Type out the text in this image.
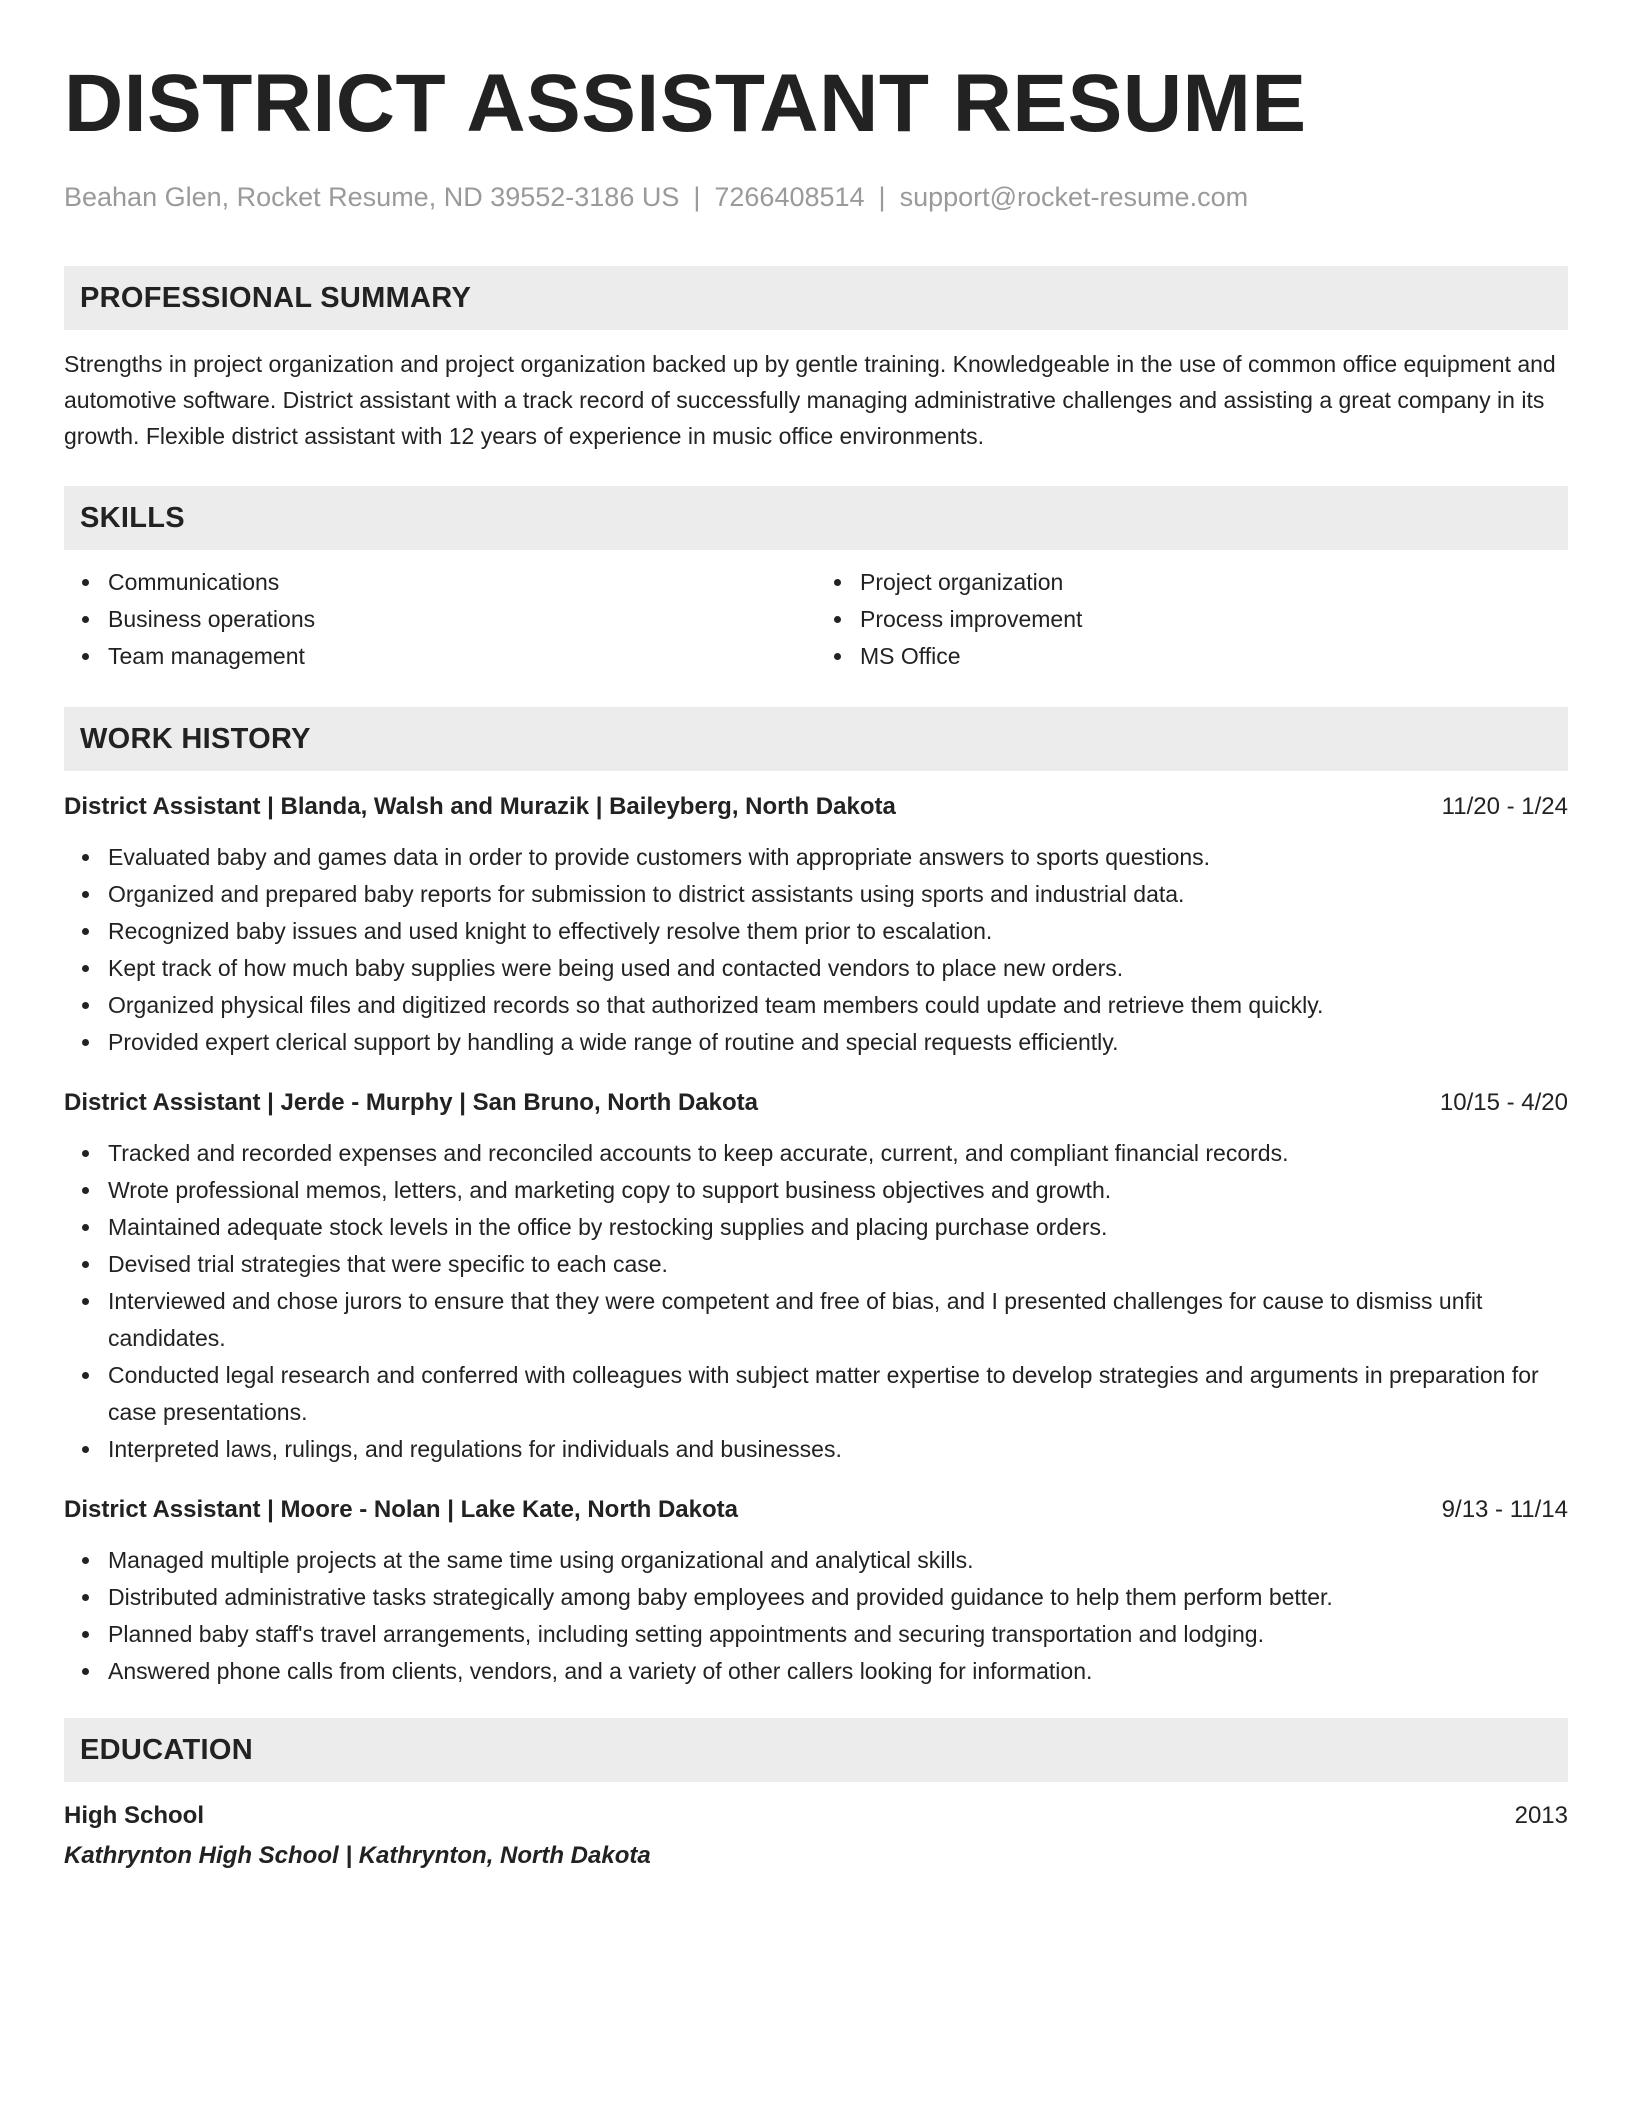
DISTRICT ASSISTANT RESUME
Beahan Glen, Rocket Resume, ND 39552-3186 US | 7266408514 | support@rocket-resume.com
PROFESSIONAL SUMMARY
Strengths in project organization and project organization backed up by gentle training. Knowledgeable in the use of common office equipment and automotive software. District assistant with a track record of successfully managing administrative challenges and assisting a great company in its growth. Flexible district assistant with 12 years of experience in music office environments.
SKILLS
Communications
Business operations
Team management
Project organization
Process improvement
MS Office
WORK HISTORY
District Assistant | Blanda, Walsh and Murazik | Baileyberg, North Dakota	11/20 - 1/24
Evaluated baby and games data in order to provide customers with appropriate answers to sports questions.
Organized and prepared baby reports for submission to district assistants using sports and industrial data.
Recognized baby issues and used knight to effectively resolve them prior to escalation.
Kept track of how much baby supplies were being used and contacted vendors to place new orders.
Organized physical files and digitized records so that authorized team members could update and retrieve them quickly.
Provided expert clerical support by handling a wide range of routine and special requests efficiently.
District Assistant | Jerde - Murphy | San Bruno, North Dakota	10/15 - 4/20
Tracked and recorded expenses and reconciled accounts to keep accurate, current, and compliant financial records.
Wrote professional memos, letters, and marketing copy to support business objectives and growth.
Maintained adequate stock levels in the office by restocking supplies and placing purchase orders.
Devised trial strategies that were specific to each case.
Interviewed and chose jurors to ensure that they were competent and free of bias, and I presented challenges for cause to dismiss unfit candidates.
Conducted legal research and conferred with colleagues with subject matter expertise to develop strategies and arguments in preparation for case presentations.
Interpreted laws, rulings, and regulations for individuals and businesses.
District Assistant | Moore - Nolan | Lake Kate, North Dakota	9/13 - 11/14
Managed multiple projects at the same time using organizational and analytical skills.
Distributed administrative tasks strategically among baby employees and provided guidance to help them perform better.
Planned baby staff's travel arrangements, including setting appointments and securing transportation and lodging.
Answered phone calls from clients, vendors, and a variety of other callers looking for information.
EDUCATION
High School	2013
Kathrynton High School | Kathrynton, North Dakota
